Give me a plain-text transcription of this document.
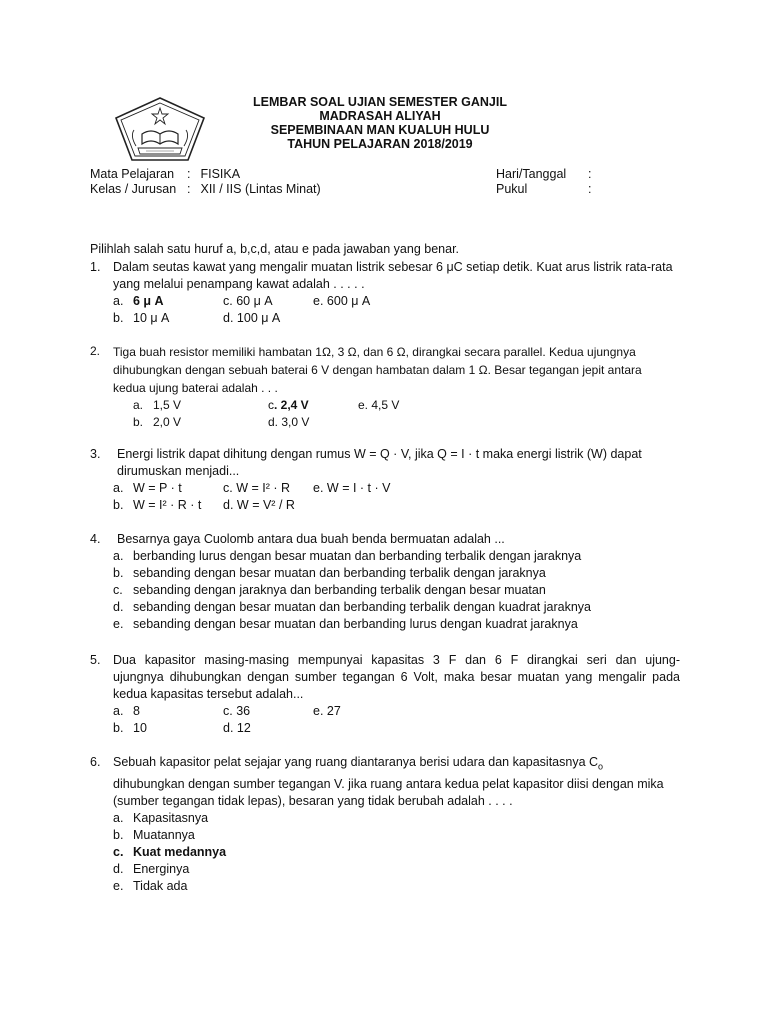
LEMBAR SOAL UJIAN SEMESTER GANJIL
MADRASAH ALIYAH
SEPEMBINAAN MAN KUALUH HULU
TAHUN PELAJARAN 2018/2019
Mata Pelajaran	: FISIKA
Kelas / Jurusan : XII / IIS (Lintas Minat)
Hari/Tanggal	:
Pukul	:
Pilihlah salah satu huruf a, b,c,d, atau e pada jawaban yang benar.
1.	Dalam seutas kawat yang mengalir muatan listrik sebesar 6 μC setiap detik. Kuat arus listrik rata-rata
yang melalui penampang kawat adalah . . . . .
a. 6 μ A	c. 60 μ A	e. 600 μ A
b. 10 μ A	d. 100 μ A
2.	Tiga buah resistor memiliki hambatan 1Ω, 3 Ω, dan 6 Ω, dirangkai secara parallel. Kedua ujungnya
dihubungkan dengan sebuah baterai 6 V dengan hambatan dalam 1 Ω. Besar tegangan jepit antara
kedua ujung baterai adalah . . .
a. 1,5 V	c. 2,4 V	e. 4,5 V
b. 2,0 V	d. 3,0 V
3.	Energi listrik dapat dihitung dengan rumus W = Q · V, jika Q = I · t maka energi listrik (W) dapat
dirumuskan menjadi...
a. W = P · t	c. W = I² · R	e. W = I · t · V
b. W = I² · R · t	d. W = V² / R
4.	Besarnya gaya Cuolomb antara dua buah benda bermuatan adalah ...
a. berbanding lurus dengan besar muatan dan berbanding terbalik dengan jaraknya
b. sebanding dengan besar muatan dan berbanding terbalik dengan jaraknya
c. sebanding dengan jaraknya dan berbanding terbalik dengan besar muatan
d. sebanding dengan besar muatan dan berbanding terbalik dengan kuadrat jaraknya
e. sebanding dengan besar muatan dan berbanding lurus dengan kuadrat jaraknya
5.	Dua kapasitor masing-masing mempunyai kapasitas 3 F dan 6 F dirangkai seri dan ujung-
ujungnya dihubungkan dengan sumber tegangan 6 Volt, maka besar muatan yang mengalir pada
kedua kapasitas tersebut adalah...
a. 8	c. 36	e. 27
b. 10	d. 12
6.	Sebuah kapasitor pelat sejajar yang ruang diantaranya berisi udara dan kapasitasnya $C_o$
dihubungkan dengan sumber tegangan V. jika ruang antara kedua pelat kapasitor diisi dengan mika
(sumber tegangan tidak lepas), besaran yang tidak berubah adalah . . . .
a. Kapasitasnya
b. Muatannya
c. Kuat medannya
d. Energinya
e. Tidak ada
